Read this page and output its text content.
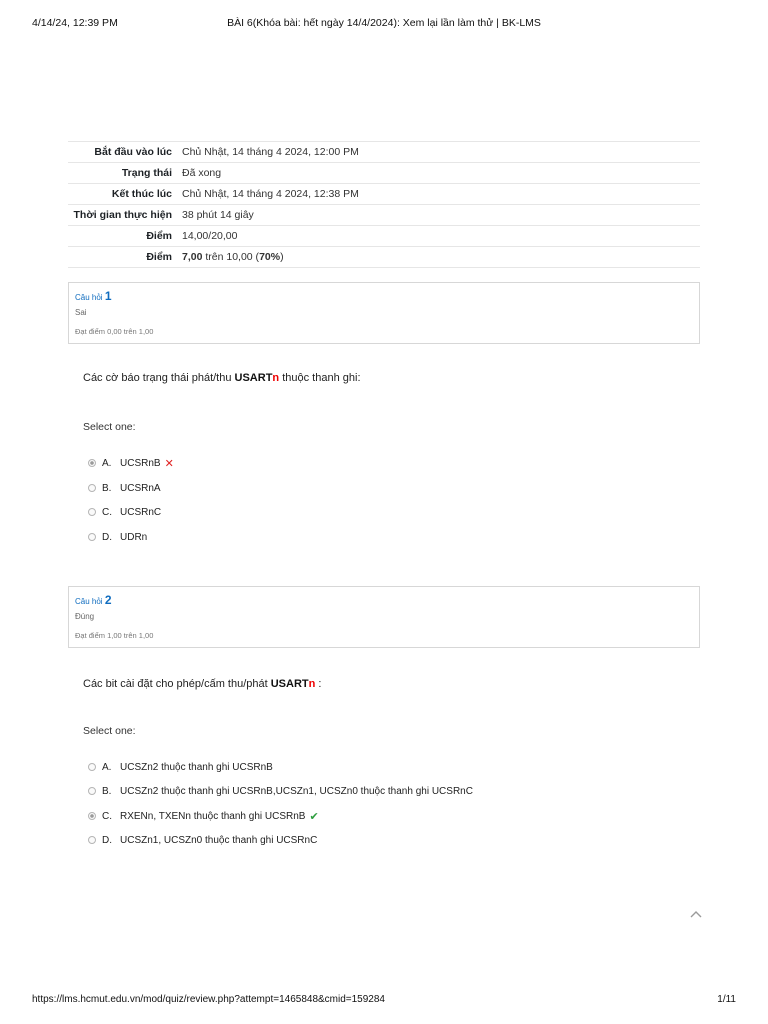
4/14/24, 12:39 PM	BÀI 6(Khóa bài: hết ngày 14/4/2024): Xem lại lần làm thử | BK-LMS
Bắt đầu vào lúc	Chủ Nhật, 14 tháng 4 2024, 12:00 PM
Trạng thái	Đã xong
Kết thúc lúc	Chủ Nhật, 14 tháng 4 2024, 12:38 PM
Thời gian thực hiện	38 phút 14 giây
Điểm	14,00/20,00
Điểm	7,00 trên 10,00 (70%)
Câu hỏi 1
Sai
Đạt điểm 0,00 trên 1,00
Các cờ báo trạng thái phát/thu USARTn thuộc thanh ghi:
Select one:
A. UCSRnB ✕
B. UCSRnA
C. UCSRnC
D. UDRn
Câu hỏi 2
Đúng
Đạt điểm 1,00 trên 1,00
Các bit cài đặt cho phép/cấm thu/phát USARTn :
Select one:
A. UCSZn2 thuộc thanh ghi UCSRnB
B. UCSZn2 thuộc thanh ghi UCSRnB,UCSZn1, UCSZn0 thuộc thanh ghi UCSRnC
C. RXENn, TXENn thuộc thanh ghi UCSRnB ✔
D. UCSZn1, UCSZn0 thuộc thanh ghi UCSRnC
https://lms.hcmut.edu.vn/mod/quiz/review.php?attempt=1465848&cmid=159284	1/11
